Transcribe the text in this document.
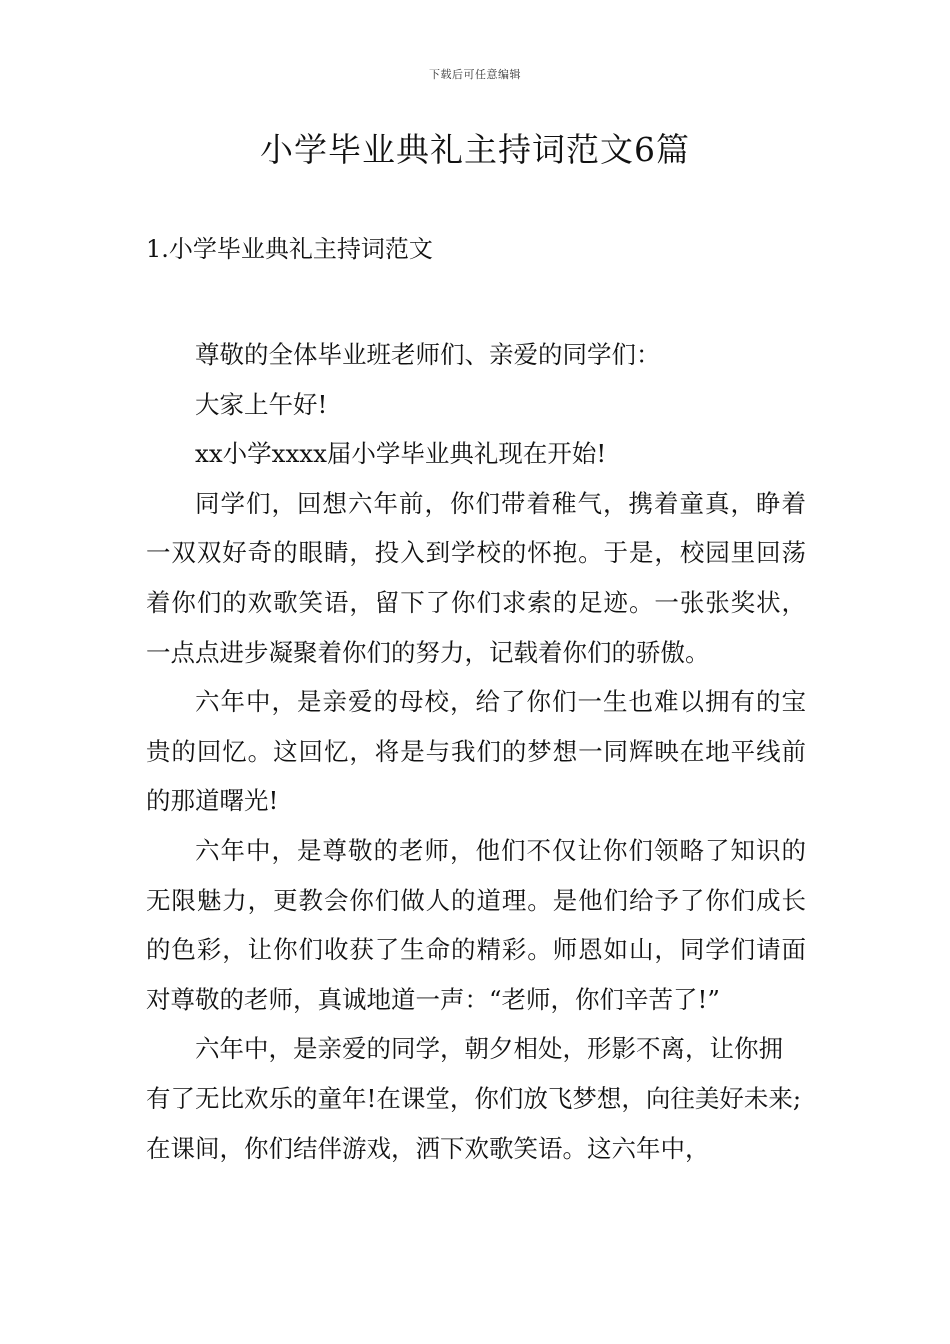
下载后可任意编辑
小学毕业典礼主持词范文6篇
1.小学毕业典礼主持词范文

尊敬的全体毕业班老师们、亲爱的同学们：

大家上午好!

xx小学xxxx届小学毕业典礼现在开始!

同学们，回想六年前，你们带着稚气，携着童真，睁着一双双好奇的眼睛，投入到学校的怀抱。于是，校园里回荡着你们的欢歌笑语，留下了你们求索的足迹。一张张奖状，一点点进步凝聚着你们的努力，记载着你们的骄傲。

六年中，是亲爱的母校，给了你们一生也难以拥有的宝贵的回忆。这回忆，将是与我们的梦想一同辉映在地平线前的那道曙光!

六年中，是尊敬的老师，他们不仅让你们领略了知识的无限魅力，更教会你们做人的道理。是他们给予了你们成长的色彩，让你们收获了生命的精彩。师恩如山，同学们请面对尊敬的老师，真诚地道一声：“老师，你们辛苦了!”

六年中，是亲爱的同学，朝夕相处，形影不离，让你拥有了无比欢乐的童年!在课堂，你们放飞梦想，向往美好未来;在课间，你们结伴游戏，洒下欢歌笑语。这六年中，
